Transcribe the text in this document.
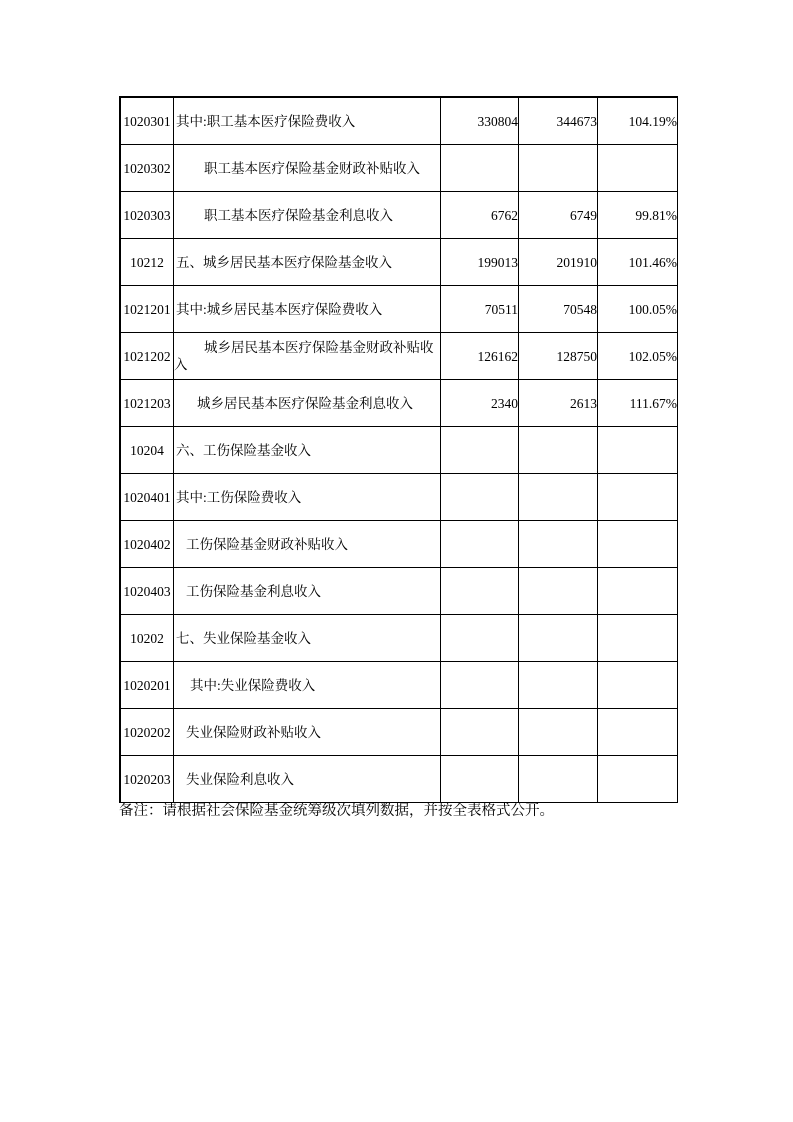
1020301	其中:职工基本医疗保险费收入	330804	344673	104.19%
1020302	职工基本医疗保险基金财政补贴收入			
1020303	职工基本医疗保险基金利息收入	6762	6749	99.81%
10212	五、城乡居民基本医疗保险基金收入	199013	201910	101.46%
1021201	其中:城乡居民基本医疗保险费收入	70511	70548	100.05%
1021202	城乡居民基本医疗保险基金财政补贴收入	126162	128750	102.05%
1021203	城乡居民基本医疗保险基金利息收入	2340	2613	111.67%
10204	六、工伤保险基金收入			
1020401	其中:工伤保险费收入			
1020402	工伤保险基金财政补贴收入			
1020403	工伤保险基金利息收入			
10202	七、失业保险基金收入			
1020201	其中:失业保险费收入			
1020202	失业保险财政补贴收入			
1020203	失业保险利息收入			
备注：请根据社会保险基金统筹级次填列数据，并按全表格式公开。
